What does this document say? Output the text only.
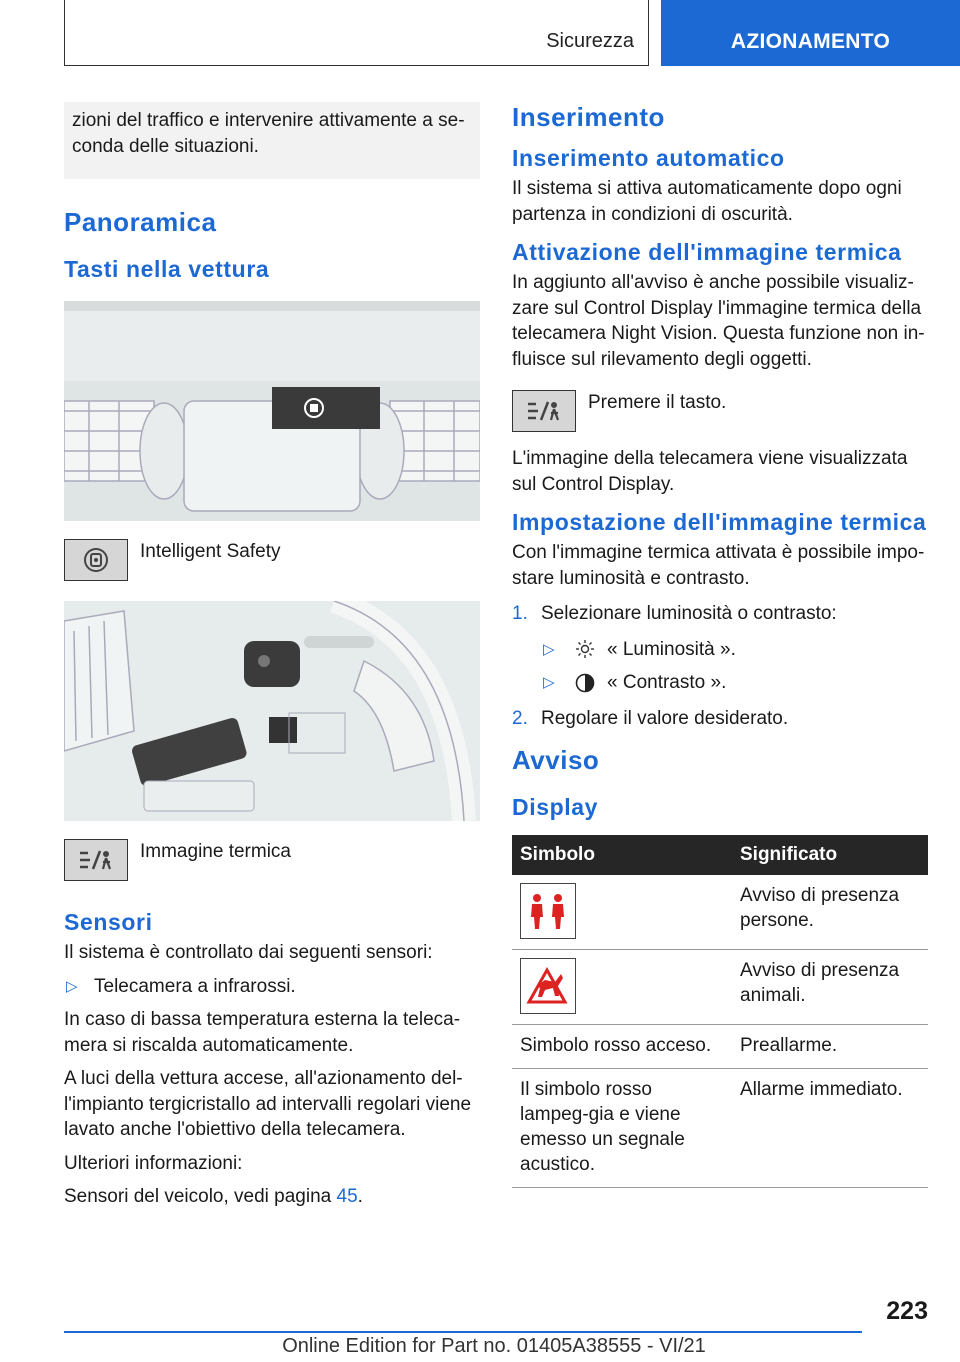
Sicurezza	AZIONAMENTO

zioni del traffico e intervenire attivamente a se-conda delle situazioni.

Panoramica
Tasti nella vettura
Intelligent Safety
Immagine termica
Sensori

Il sistema è controllato dai seguenti sensori:

▷ Telecamera a infrarossi.

In caso di bassa temperatura esterna la teleca-mera si riscalda automaticamente.

A luci della vettura accese, all'azionamento del-l'impianto tergicristallo ad intervalli regolari viene lavato anche l'obiettivo della telecamera.

Ulteriori informazioni:

Sensori del veicolo, vedi pagina 45.

Inserimento
Inserimento automatico

Il sistema si attiva automaticamente dopo ogni partenza in condizioni di oscurità.

Attivazione dell'immagine termica

In aggiunto all'avviso è anche possibile visualiz-zare sul Control Display l'immagine termica della telecamera Night Vision. Questa funzione non in-fluisce sul rilevamento degli oggetti.

Premere il tasto.

L'immagine della telecamera viene visualizzata sul Control Display.

Impostazione dell'immagine termica

Con l'immagine termica attivata è possibile impo-stare luminosità e contrasto.

1. Selezionare luminosità o contrasto:
▷	« Luminosità ».
▷	« Contrasto ».
2. Regolare il valore desiderato.
Avviso
Display
Simbolo	Significato

	Avviso di presenza persone.

	Avviso di presenza animali.
Simbolo rosso acceso.	Preallarme.
Il simbolo rosso lampeg-gia e viene emesso un segnale acustico.	Allarme immediato.
223
Online Edition for Part no. 01405A38555 - VI/21
